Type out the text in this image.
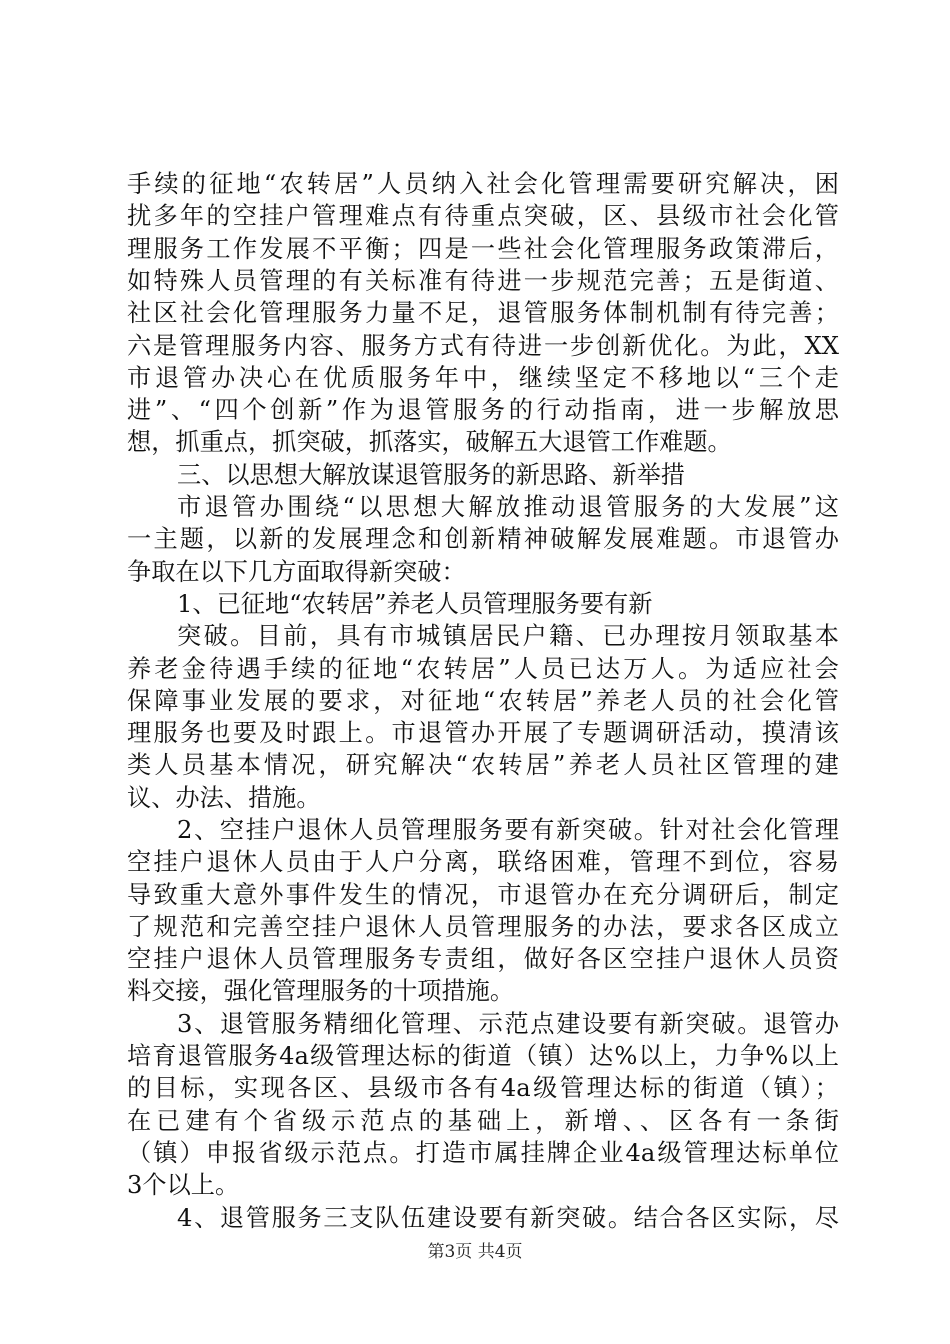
手续的征地“农转居”人员纳入社会化管理需要研究解决，困
扰多年的空挂户管理难点有待重点突破，区、县级市社会化管
理服务工作发展不平衡；四是一些社会化管理服务政策滞后，
如特殊人员管理的有关标准有待进一步规范完善；五是街道、
社区社会化管理服务力量不足，退管服务体制机制有待完善；
六是管理服务内容、服务方式有待进一步创新优化。为此，XX
市退管办决心在优质服务年中，继续坚定不移地以“三个走
进”、“四个创新”作为退管服务的行动指南，进一步解放思
想，抓重点，抓突破，抓落实，破解五大退管工作难题。
三、以思想大解放谋退管服务的新思路、新举措
市退管办围绕“以思想大解放推动退管服务的大发展”这
一主题，以新的发展理念和创新精神破解发展难题。市退管办
争取在以下几方面取得新突破：
1、已征地“农转居”养老人员管理服务要有新
突破。目前，具有市城镇居民户籍、已办理按月领取基本
养老金待遇手续的征地“农转居”人员已达万人。为适应社会
保障事业发展的要求，对征地“农转居”养老人员的社会化管
理服务也要及时跟上。市退管办开展了专题调研活动，摸清该
类人员基本情况，研究解决“农转居”养老人员社区管理的建
议、办法、措施。
2、空挂户退休人员管理服务要有新突破。针对社会化管理
空挂户退休人员由于人户分离，联络困难，管理不到位，容易
导致重大意外事件发生的情况，市退管办在充分调研后，制定
了规范和完善空挂户退休人员管理服务的办法，要求各区成立
空挂户退休人员管理服务专责组，做好各区空挂户退休人员资
料交接，强化管理服务的十项措施。
3、退管服务精细化管理、示范点建设要有新突破。退管办
培育退管服务4a级管理达标的街道（镇）达%以上，力争%以上
的目标，实现各区、县级市各有4a级管理达标的街道（镇）；
在已建有个省级示范点的基础上，新增、、区各有一条街
（镇）申报省级示范点。打造市属挂牌企业4a级管理达标单位
3个以上。
4、退管服务三支队伍建设要有新突破。结合各区实际，尽
第3页 共4页
